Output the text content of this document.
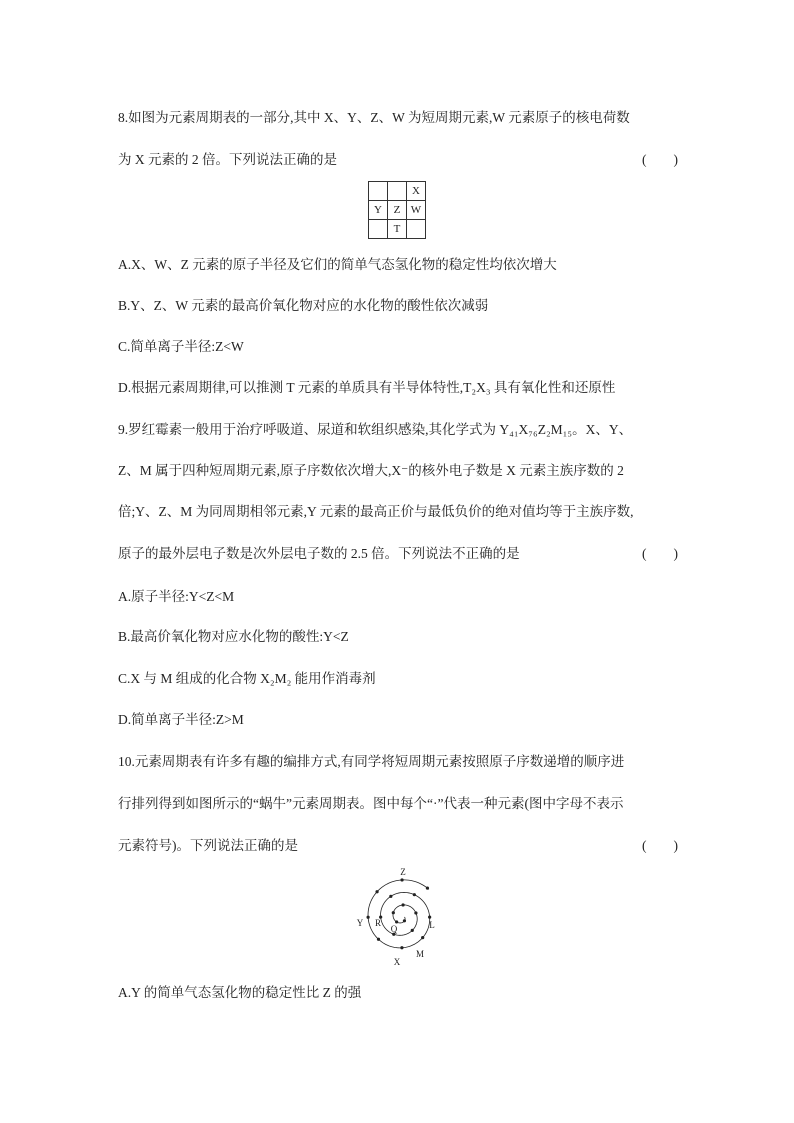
8.如图为元素周期表的一部分,其中 X、Y、Z、W 为短周期元素,W 元素原子的核电荷数
为 X 元素的 2 倍。下列说法正确的是	(　　)
		X
Y	Z	W
	T	
A.X、W、Z 元素的原子半径及它们的简单气态氢化物的稳定性均依次增大
B.Y、Z、W 元素的最高价氧化物对应的水化物的酸性依次减弱
C.简单离子半径:Z<W
D.根据元素周期律,可以推测 T 元素的单质具有半导体特性,T₂X₃ 具有氧化性和还原性
9.罗红霉素一般用于治疗呼吸道、尿道和软组织感染,其化学式为 Y₄₁X₇₆Z₂M₁₅。X、Y、
Z、M 属于四种短周期元素,原子序数依次增大,X⁻的核外电子数是 X 元素主族序数的 2
倍;Y、Z、M 为同周期相邻元素,Y 元素的最高正价与最低负价的绝对值均等于主族序数,
原子的最外层电子数是次外层电子数的 2.5 倍。下列说法不正确的是	(　　)
A.原子半径:Y<Z<M
B.最高价氧化物对应水化物的酸性:Y<Z
C.X 与 M 组成的化合物 X₂M₂ 能用作消毒剂
D.简单离子半径:Z>M
10.元素周期表有许多有趣的编排方式,有同学将短周期元素按照原子序数递增的顺序进
行排列得到如图所示的“蜗牛”元素周期表。图中每个“·”代表一种元素(图中字母不表示
元素符号)。下列说法正确的是	(　　)
Z
Y R
Q	L
M
X
A.Y 的简单气态氢化物的稳定性比 Z 的强
